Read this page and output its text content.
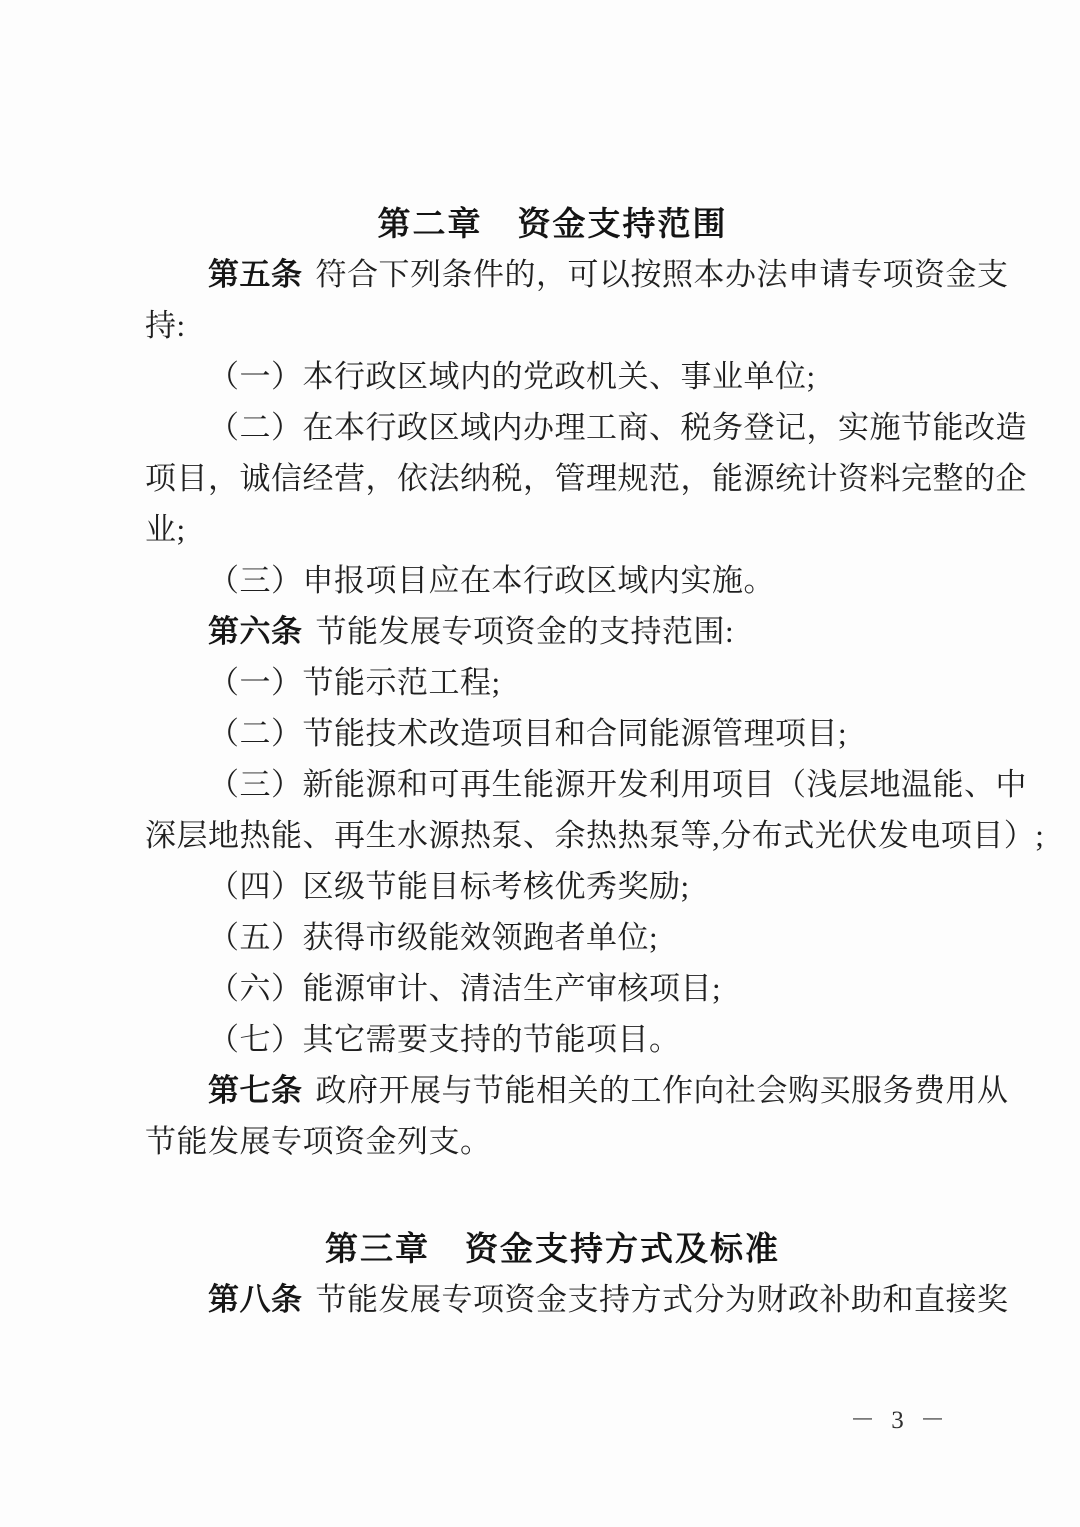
第二章　资金支持范围
第五条 符合下列条件的，可以按照本办法申请专项资金支
持:
（一）本行政区域内的党政机关、事业单位;
（二）在本行政区域内办理工商、税务登记，实施节能改造
项目，诚信经营，依法纳税，管理规范，能源统计资料完整的企
业;
（三）申报项目应在本行政区域内实施。
第六条 节能发展专项资金的支持范围:
（一）节能示范工程;
（二）节能技术改造项目和合同能源管理项目;
（三）新能源和可再生能源开发利用项目（浅层地温能、中
深层地热能、再生水源热泵、余热热泵等,分布式光伏发电项目）;
（四）区级节能目标考核优秀奖励;
（五）获得市级能效领跑者单位;
（六）能源审计、清洁生产审核项目;
（七）其它需要支持的节能项目。
第七条 政府开展与节能相关的工作向社会购买服务费用从
节能发展专项资金列支。
第三章　资金支持方式及标准
第八条 节能发展专项资金支持方式分为财政补助和直接奖
－ 3 －
